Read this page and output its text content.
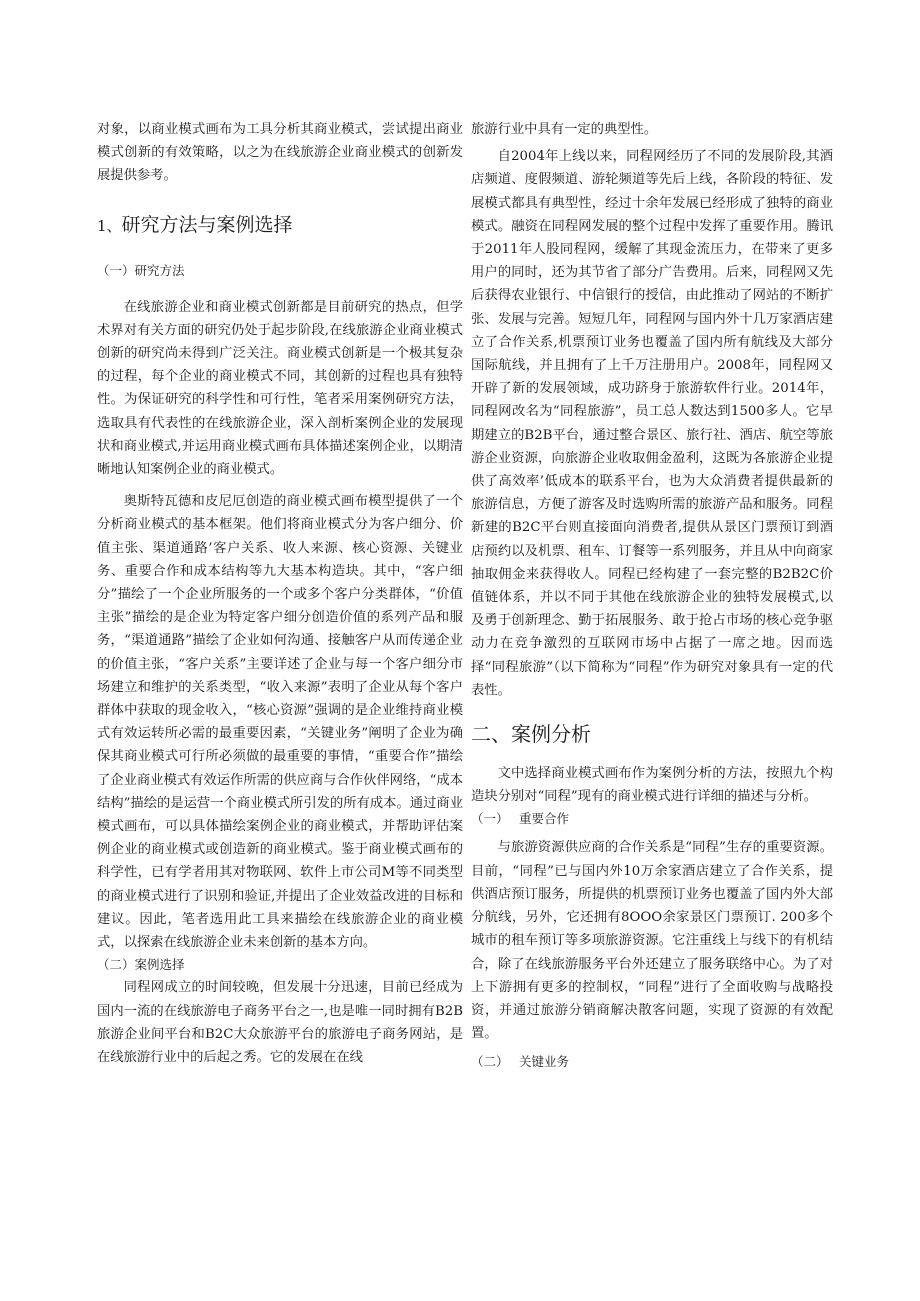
对象，以商业模式画布为工具分析其商业模式，尝试提出商业模式创新的有效策略，以之为在线旅游企业商业模式的创新发展提供参考。

1、研究方法与案例选择
（一）研究方法

在线旅游企业和商业模式创新都是目前研究的热点，但学术界对有关方面的研究仍处于起步阶段,在线旅游企业商业模式创新的研究尚未得到广泛关注。商业模式创新是一个极其复杂的过程，每个企业的商业模式不同，其创新的过程也具有独特性。为保证研究的科学性和可行性，笔者采用案例研究方法，选取具有代表性的在线旅游企业，深入剖析案例企业的发展现状和商业模式,并运用商业模式画布具体描述案例企业，以期清晰地认知案例企业的商业模式。

奥斯特瓦德和皮尼厄创造的商业模式画布模型提供了一个分析商业模式的基本框架。他们将商业模式分为客户细分、价值主张、渠道通路’客户关系、收人来源、核心资源、关键业务、重要合作和成本结构等九大基本构造块。其中，“客户细分”描绘了一个企业所服务的一个或多个客户分类群体，“价值主张”描绘的是企业为特定客户细分创造价值的系列产品和服务，“渠道通路”描绘了企业如何沟通、接触客户从而传递企业的价值主张，“客户关系”主要详述了企业与每一个客户细分市场建立和维护的关系类型，“收入来源”表明了企业从每个客户群体中获取的现金收入，“核心资源”强调的是企业维持商业模式有效运转所必需的最重要因素，“关键业务”阐明了企业为确保其商业模式可行所必须做的最重要的事情，“重要合作”描绘了企业商业模式有效运作所需的供应商与合作伙伴网络，“成本结构”描绘的是运营一个商业模式所引发的所有成本。通过商业模式画布，可以具体描绘案例企业的商业模式，并帮助评估案例企业的商业模式或创造新的商业模式。鉴于商业模式画布的科学性，已有学者用其对物联网、软件上市公司M等不同类型的商业模式进行了识别和验证,并提出了企业效益改进的目标和建议。因此，笔者选用此工具来描绘在线旅游企业的商业模式，以探索在线旅游企业未来创新的基本方向。

（二）案例选择

同程网成立的时间较晚，但发展十分迅速，目前已经成为国内一流的在线旅游电子商务平台之一,也是唯一同时拥有B2B旅游企业间平台和B2C大众旅游平台的旅游电子商务网站，是在线旅游行业中的后起之秀。它的发展在在线

旅游行业中具有一定的典型性。

自2004年上线以来，同程网经历了不同的发展阶段,其酒店频道、度假频道、游轮频道等先后上线，各阶段的特征、发展模式都具有典型性，经过十余年发展已经形成了独特的商业模式。融资在同程网发展的整个过程中发挥了重要作用。腾讯于2011年人股同程网，缓解了其现金流压力，在带来了更多用户的同时，还为其节省了部分广告费用。后来，同程网又先后获得农业银行、中信银行的授信，由此推动了网站的不断扩张、发展与完善。短短几年，同程网与国内外十几万家酒店建立了合作关系,机票预订业务也覆盖了国内所有航线及大部分国际航线，并且拥有了上千万注册用户。2008年，同程网又开辟了新的发展领域，成功跻身于旅游软件行业。2014年，同程网改名为“同程旅游”，员工总人数达到1500多人。它早期建立的B2B平台，通过整合景区、旅行社、酒店、航空等旅游企业资源，向旅游企业收取佣金盈利，这既为各旅游企业提供了高效率’低成本的联系平台，也为大众消费者提供最新的旅游信息，方便了游客及时选购所需的旅游产品和服务。同程新建的B2C平台则直接面向消费者,提供从景区门票预订到酒店预约以及机票、租车、订餐等一系列服务，并且从中向商家抽取佣金来获得收人。同程已经构建了一套完整的B2B2C价值链体系，并以不同于其他在线旅游企业的独特发展模式,以及勇于创新理念、勤于拓展服务、敢于抢占市场的核心竞争驱动力在竞争激烈的互联网市场中占据了一席之地。因而选择“同程旅游”（以下简称为“同程”作为研究对象具有一定的代表性。

二、案例分析

文中选择商业模式画布作为案例分析的方法，按照九个构造块分别对“同程”现有的商业模式进行详细的描述与分析。

（一） 重要合作

与旅游资源供应商的合作关系是“同程”生存的重要资源。目前，“同程”已与国内外10万余家酒店建立了合作关系，提供酒店预订服务，所提供的机票预订业务也覆盖了国内外大部分航线，另外，它还拥有8OOO余家景区门票预订. 200多个城市的租车预订等多项旅游资源。它注重线上与线下的有机结合，除了在线旅游服务平台外还建立了服务联络中心。为了对上下游拥有更多的控制权，“同程”进行了全面收购与战略投资，并通过旅游分销商解决散客问题，实现了资源的有效配置。

（二） 关键业务
